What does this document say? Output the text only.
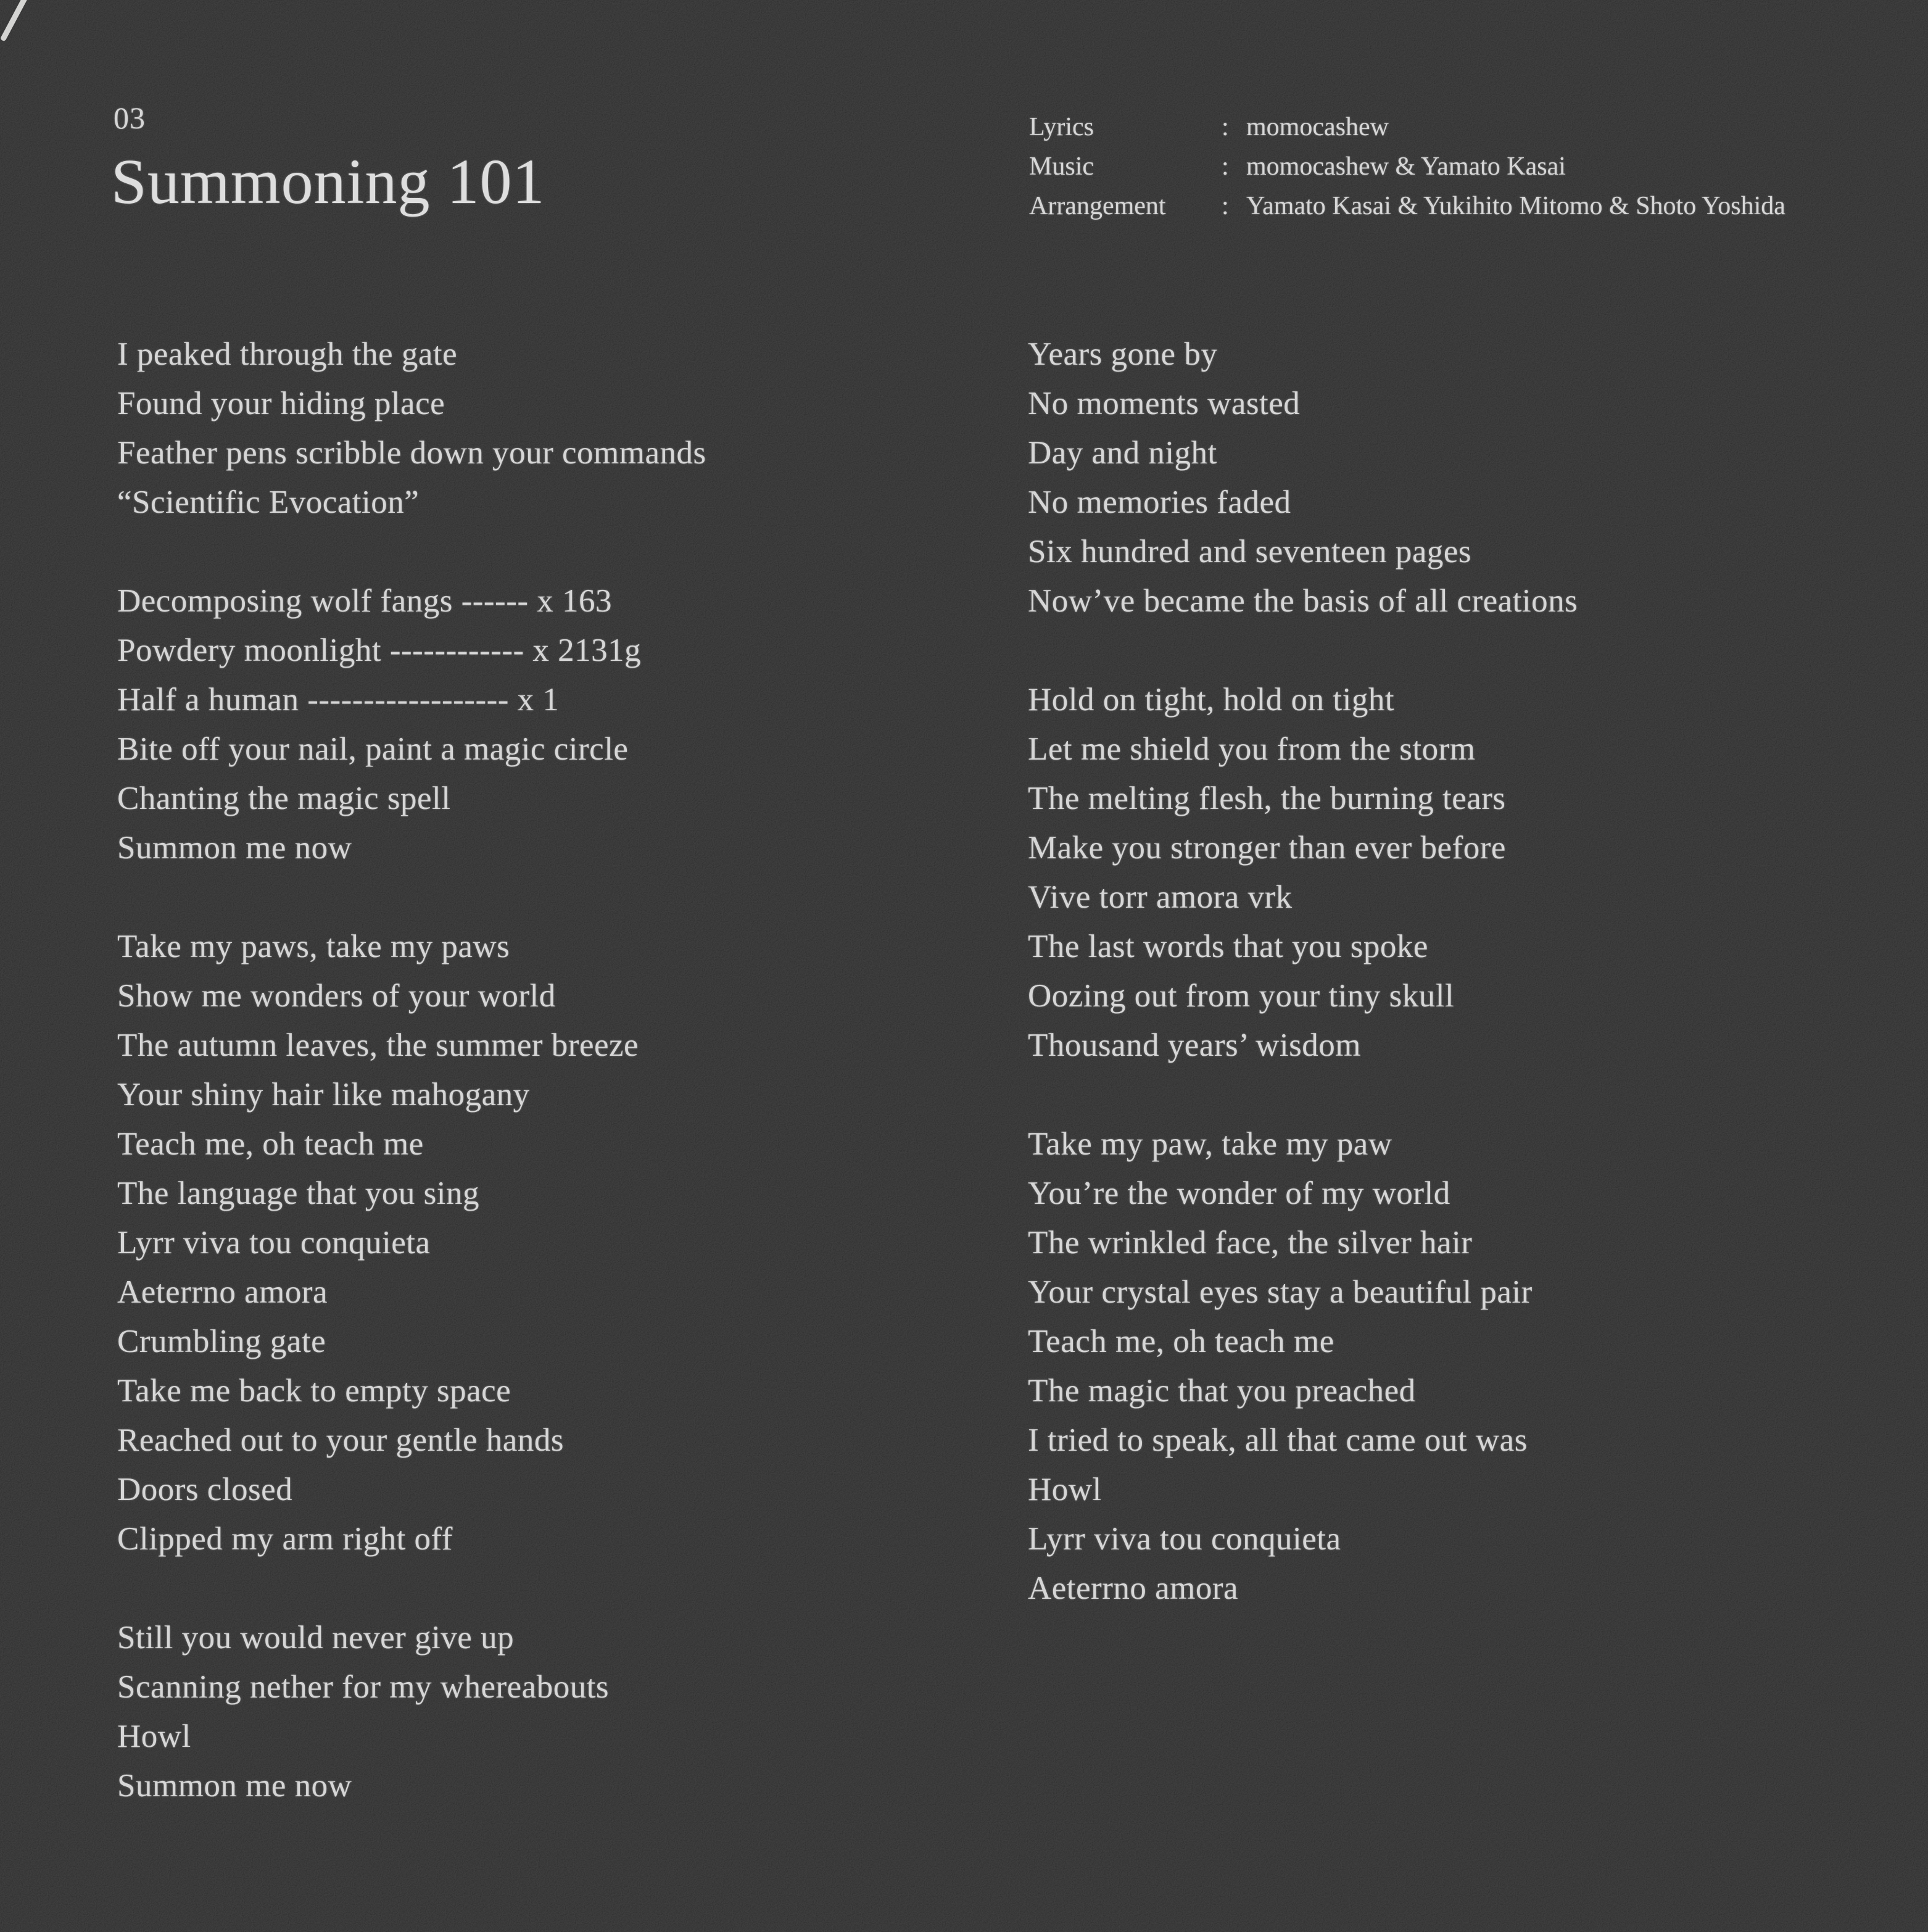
03
Summoning 101
Lyrics	: momocashew
Music	: momocashew & Yamato Kasai
Arrangement	: Yamato Kasai & Yukihito Mitomo & Shoto Yoshida
I peaked through the gate
Found your hiding place
Feather pens scribble down your commands
“Scientific Evocation”
Decomposing wolf fangs ------ x 163
Powdery moonlight ------------ x 2131g
Half a human ------------------ x 1
Bite off your nail, paint a magic circle
Chanting the magic spell
Summon me now
Take my paws, take my paws
Show me wonders of your world
The autumn leaves, the summer breeze
Your shiny hair like mahogany
Teach me, oh teach me
The language that you sing
Lyrr viva tou conquieta
Aeterrno amora
Crumbling gate
Take me back to empty space
Reached out to your gentle hands
Doors closed
Clipped my arm right off
Still you would never give up
Scanning nether for my whereabouts
Howl
Summon me now
Years gone by
No moments wasted
Day and night
No memories faded
Six hundred and seventeen pages
Now’ve became the basis of all creations
Hold on tight, hold on tight
Let me shield you from the storm
The melting flesh, the burning tears
Make you stronger than ever before
Vive torr amora vrk
The last words that you spoke
Oozing out from your tiny skull
Thousand years’ wisdom
Take my paw, take my paw
You’re the wonder of my world
The wrinkled face, the silver hair
Your crystal eyes stay a beautiful pair
Teach me, oh teach me
The magic that you preached
I tried to speak, all that came out was
Howl
Lyrr viva tou conquieta
Aeterrno amora
